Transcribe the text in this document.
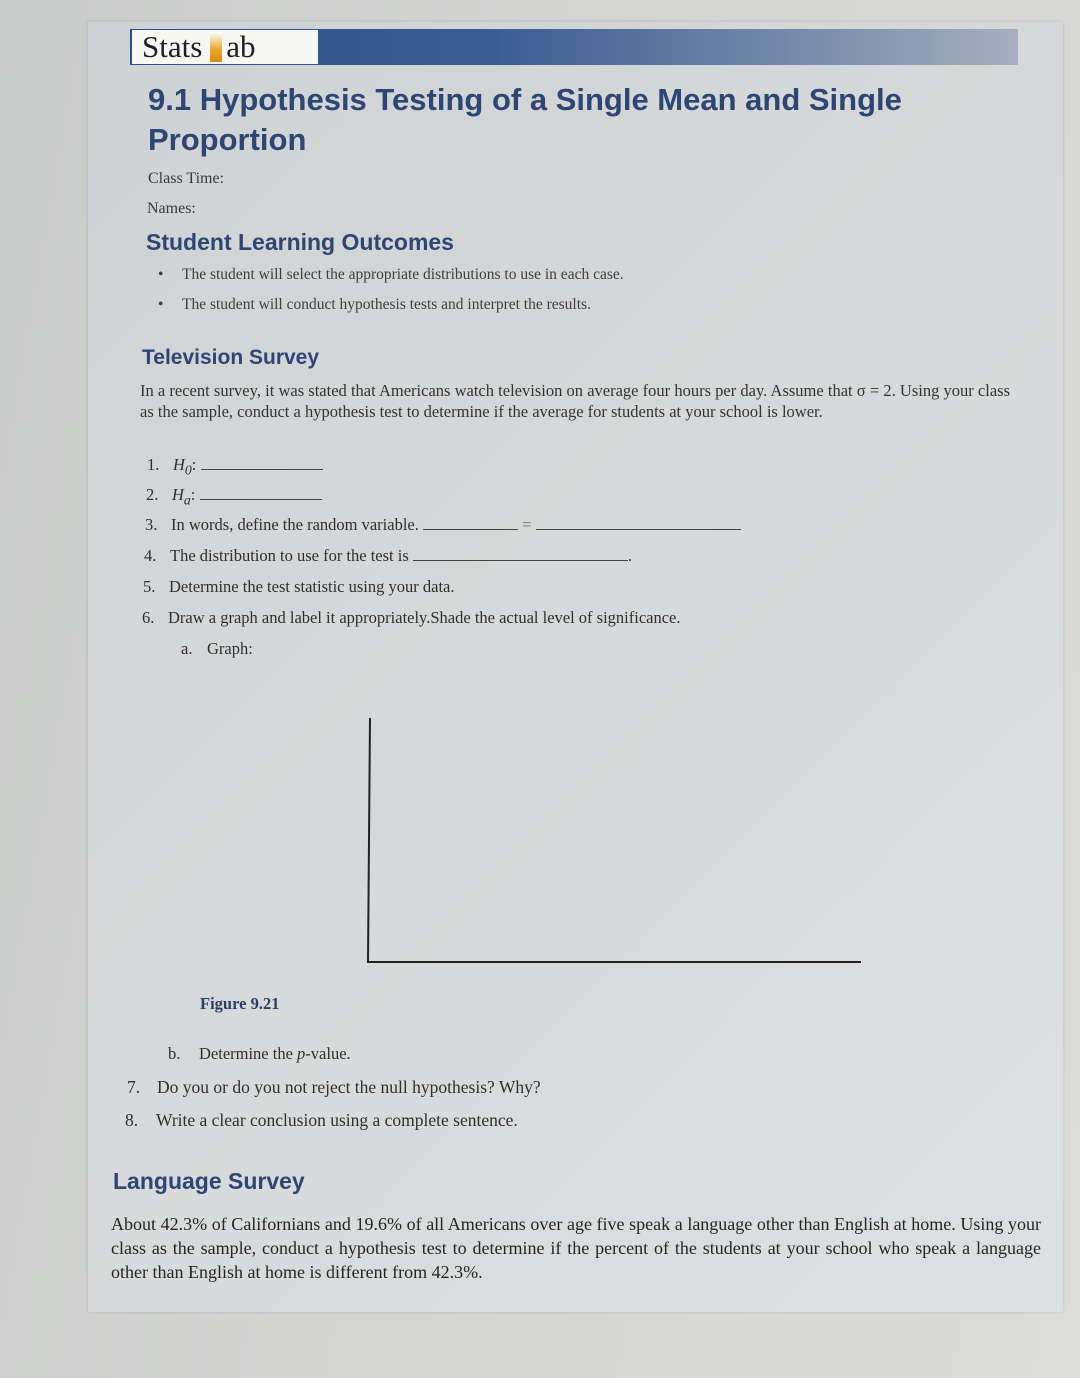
Stats ab
9.1 Hypothesis Testing of a Single Mean and Single Proportion
Class Time:
Names:
Student Learning Outcomes
• The student will select the appropriate distributions to use in each case.
• The student will conduct hypothesis tests and interpret the results.
Television Survey
In a recent survey, it was stated that Americans watch television on average four hours per day. Assume that σ = 2. Using your class as the sample, conduct a hypothesis test to determine if the average for students at your school is lower.
1. $H_0$:
2. $H_a$:
3. In words, define the random variable.	=
4. The distribution to use for the test is	.
5. Determine the test statistic using your data.
6. Draw a graph and label it appropriately.Shade the actual level of significance.
a. Graph:
Figure 9.21
b. Determine the p-value.
7. Do you or do you not reject the null hypothesis? Why?
8. Write a clear conclusion using a complete sentence.
Language Survey
About 42.3% of Californians and 19.6% of all Americans over age five speak a language other than English at home. Using your class as the sample, conduct a hypothesis test to determine if the percent of the students at your school who speak a language other than English at home is different from 42.3%.
